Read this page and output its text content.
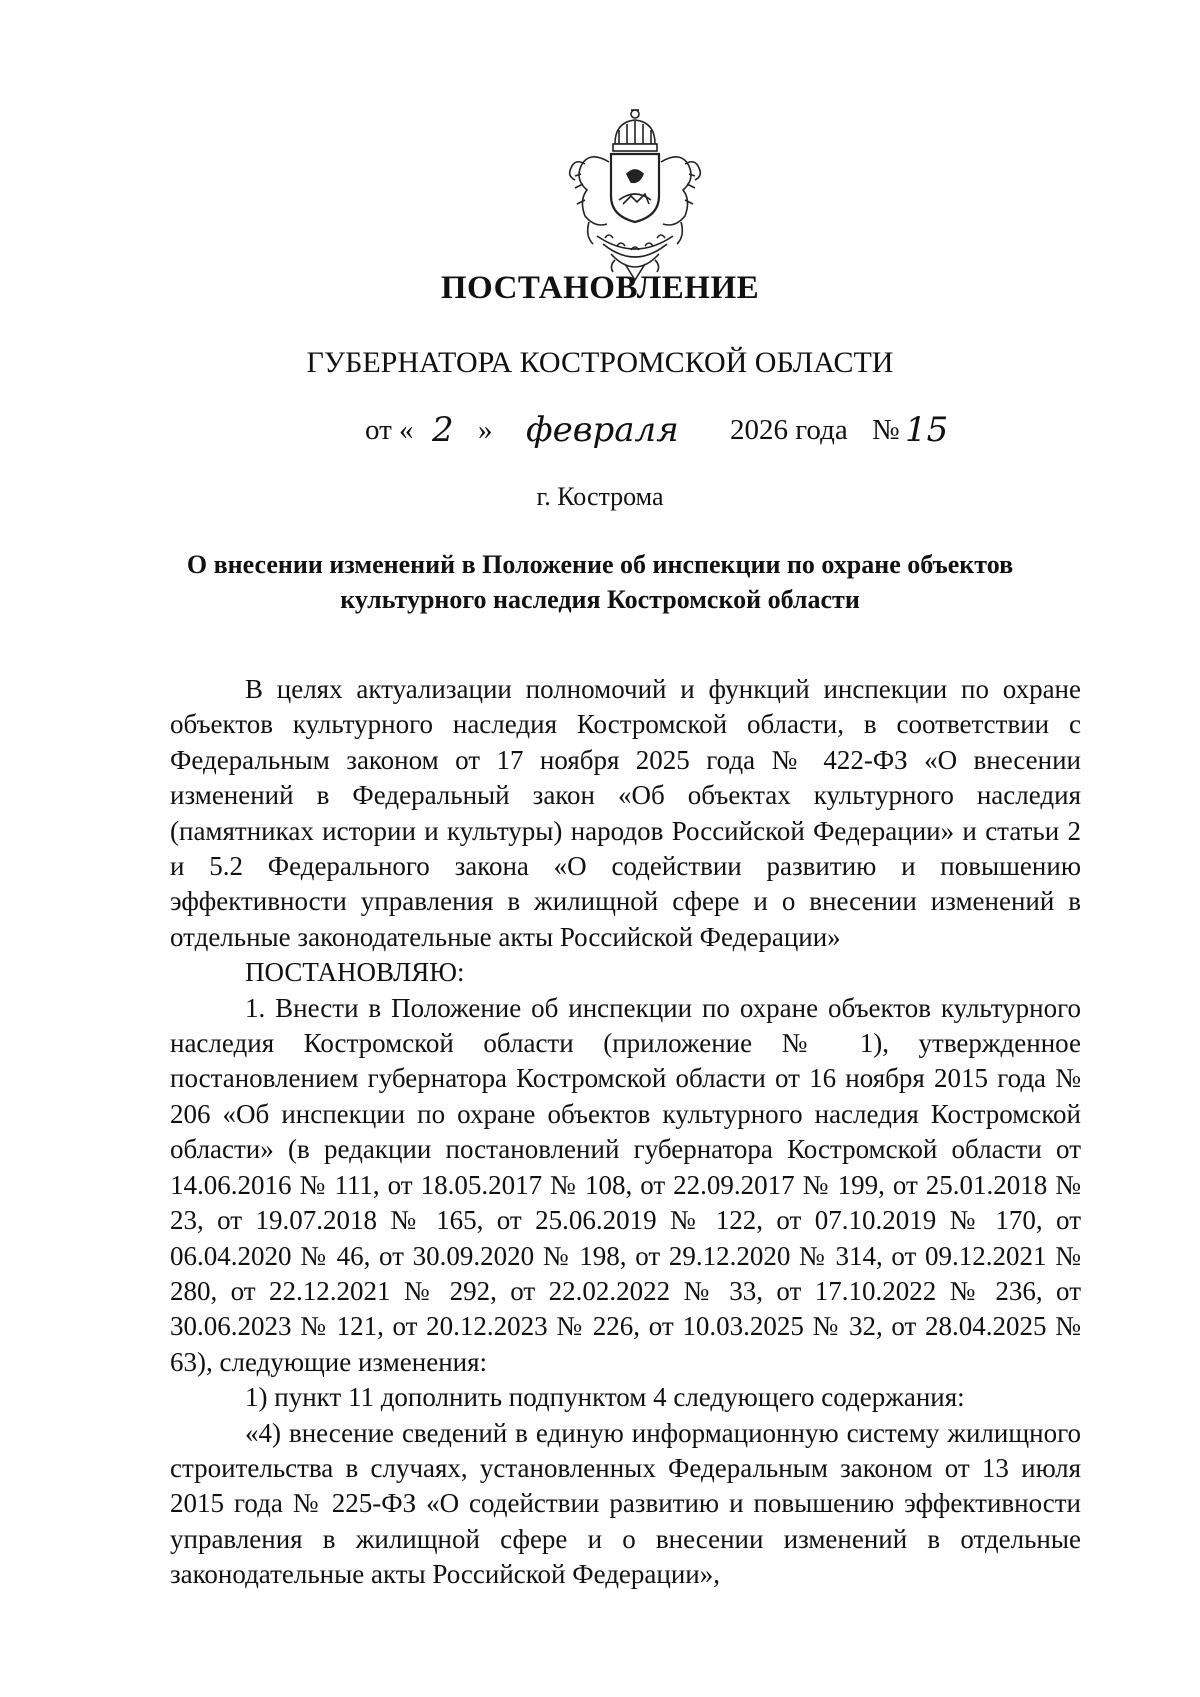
ПОСТАНОВЛЕНИЕ
ГУБЕРНАТОРА КОСТРОМСКОЙ ОБЛАСТИ
от « 2 » февраля 2026 года № 15
г. Кострома
О внесении изменений в Положение об инспекции по охране объектов
культурного наследия Костромской области

В целях актуализации полномочий и функций инспекции по охране объектов культурного наследия Костромской области, в соответствии с Федеральным законом от 17 ноября 2025 года № 422-ФЗ «О внесении изменений в Федеральный закон «Об объектах культурного наследия (памятниках истории и культуры) народов Российской Федерации» и статьи 2 и 5.2 Федерального закона «О содействии развитию и повышению эффективности управления в жилищной сфере и о внесении изменений в отдельные законодательные акты Российской Федерации»

ПОСТАНОВЛЯЮ:

1. Внести в Положение об инспекции по охране объектов культурного наследия Костромской области (приложение № 1), утвержденное постановлением губернатора Костромской области от 16 ноября 2015 года № 206 «Об инспекции по охране объектов культурного наследия Костромской области» (в редакции постановлений губернатора Костромской области от 14.06.2016 № 111, от 18.05.2017 № 108, от 22.09.2017 № 199, от 25.01.2018 № 23, от 19.07.2018 № 165, от 25.06.2019 № 122, от 07.10.2019 № 170, от 06.04.2020 № 46, от 30.09.2020 № 198, от 29.12.2020 № 314, от 09.12.2021 № 280, от 22.12.2021 № 292, от 22.02.2022 № 33, от 17.10.2022 № 236, от 30.06.2023 № 121, от 20.12.2023 № 226, от 10.03.2025 № 32, от 28.04.2025 № 63), следующие изменения:

1) пункт 11 дополнить подпунктом 4 следующего содержания:

«4) внесение сведений в единую информационную систему жилищного строительства в случаях, установленных Федеральным законом от 13 июля 2015 года № 225-ФЗ «О содействии развитию и повышению эффективности управления в жилищной сфере и о внесении изменений в отдельные законодательные акты Российской Федерации»,
